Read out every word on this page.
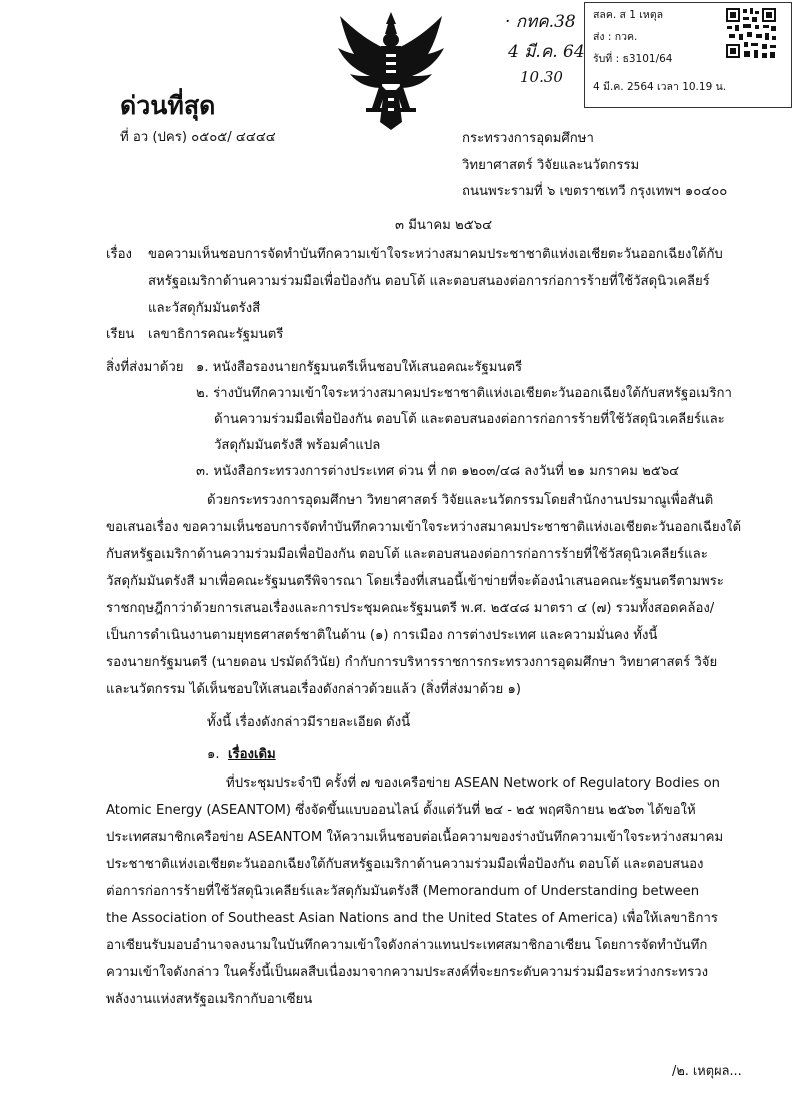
· กทค.38
4 มี.ค. 64
10.30
สลค. ส 1 เหตุล
ส่ง : กวค.
รับที่ : ธ3101/64
4 มี.ค. 2564 เวลา 10.19 น.
ด่วนที่สุด
ที่ อว (ปคร) ๐๕๐๕/ ๔๔๔๔	กระทรวงการอุดมศึกษา
วิทยาศาสตร์ วิจัยและนวัตกรรม
ถนนพระรามที่ ๖ เขตราชเทวี กรุงเทพฯ ๑๐๔๐๐
๓ มีนาคม ๒๕๖๔
เรื่อง ขอความเห็นชอบการจัดทำบันทึกความเข้าใจระหว่างสมาคมประชาชาติแห่งเอเชียตะวันออกเฉียงใต้กับ
สหรัฐอเมริกาด้านความร่วมมือเพื่อป้องกัน ตอบโต้ และตอบสนองต่อการก่อการร้ายที่ใช้วัสดุนิวเคลียร์
และวัสดุกัมมันตรังสี
เรียน เลขาธิการคณะรัฐมนตรี
สิ่งที่ส่งมาด้วย ๑. หนังสือรองนายกรัฐมนตรีเห็นชอบให้เสนอคณะรัฐมนตรี
๒. ร่างบันทึกความเข้าใจระหว่างสมาคมประชาชาติแห่งเอเชียตะวันออกเฉียงใต้กับสหรัฐอเมริกา
ด้านความร่วมมือเพื่อป้องกัน ตอบโต้ และตอบสนองต่อการก่อการร้ายที่ใช้วัสดุนิวเคลียร์และ
วัสดุกัมมันตรังสี พร้อมคำแปล
๓. หนังสือกระทรวงการต่างประเทศ ด่วน ที่ กต ๑๒๐๓/๔๘ ลงวันที่ ๒๑ มกราคม ๒๕๖๔
ด้วยกระทรวงการอุดมศึกษา วิทยาศาสตร์ วิจัยและนวัตกรรมโดยสำนักงานปรมาณูเพื่อสันติ
ขอเสนอเรื่อง ขอความเห็นชอบการจัดทำบันทึกความเข้าใจระหว่างสมาคมประชาชาติแห่งเอเชียตะวันออกเฉียงใต้
กับสหรัฐอเมริกาด้านความร่วมมือเพื่อป้องกัน ตอบโต้ และตอบสนองต่อการก่อการร้ายที่ใช้วัสดุนิวเคลียร์และ
วัสดุกัมมันตรังสี มาเพื่อคณะรัฐมนตรีพิจารณา โดยเรื่องที่เสนอนี้เข้าข่ายที่จะต้องนำเสนอคณะรัฐมนตรีตามพระ
ราชกฤษฎีกาว่าด้วยการเสนอเรื่องและการประชุมคณะรัฐมนตรี พ.ศ. ๒๕๔๘ มาตรา ๔ (๗) รวมทั้งสอดคล้อง/
เป็นการดำเนินงานตามยุทธศาสตร์ชาติในด้าน (๑) การเมือง การต่างประเทศ และความมั่นคง ทั้งนี้
รองนายกรัฐมนตรี (นายดอน ปรมัตถ์วินัย) กำกับการบริหารราชการกระทรวงการอุดมศึกษา วิทยาศาสตร์ วิจัย
และนวัตกรรม ได้เห็นชอบให้เสนอเรื่องดังกล่าวด้วยแล้ว (สิ่งที่ส่งมาด้วย ๑)
ทั้งนี้ เรื่องดังกล่าวมีรายละเอียด ดังนี้
๑. เรื่องเดิม
ที่ประชุมประจำปี ครั้งที่ ๗ ของเครือข่าย ASEAN Network of Regulatory Bodies on
Atomic Energy (ASEANTOM) ซึ่งจัดขึ้นแบบออนไลน์ ตั้งแต่วันที่ ๒๔ - ๒๕ พฤศจิกายน ๒๕๖๓ ได้ขอให้
ประเทศสมาชิกเครือข่าย ASEANTOM ให้ความเห็นชอบต่อเนื้อความของร่างบันทึกความเข้าใจระหว่างสมาคม
ประชาชาติแห่งเอเชียตะวันออกเฉียงใต้กับสหรัฐอเมริกาด้านความร่วมมือเพื่อป้องกัน ตอบโต้ และตอบสนอง
ต่อการก่อการร้ายที่ใช้วัสดุนิวเคลียร์และวัสดุกัมมันตรังสี (Memorandum of Understanding between
the Association of Southeast Asian Nations and the United States of America) เพื่อให้เลขาธิการ
อาเซียนรับมอบอำนาจลงนามในบันทึกความเข้าใจดังกล่าวแทนประเทศสมาชิกอาเซียน โดยการจัดทำบันทึก
ความเข้าใจดังกล่าว ในครั้งนี้เป็นผลสืบเนื่องมาจากความประสงค์ที่จะยกระดับความร่วมมือระหว่างกระทรวง
พลังงานแห่งสหรัฐอเมริกากับอาเซียน
/๒. เหตุผล...
